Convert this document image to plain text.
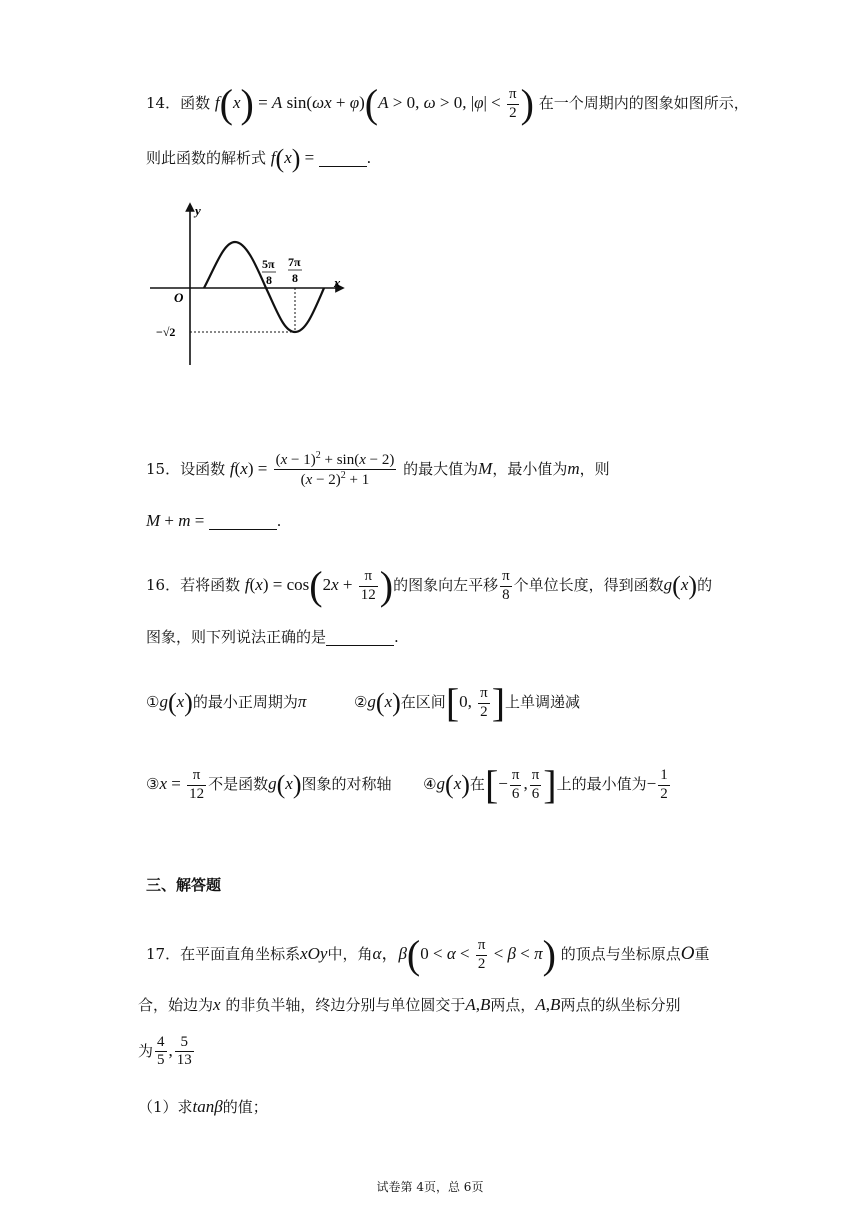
14．函数 f(x) = A sin(ωx + φ)(A > 0, ω > 0, $|\varphi| < \frac{\pi}{2}$ ) 在一个周期内的图象如图所示，
则此函数的解析式 f(x) =	.
y
x
O
5π
8
7π
8
−√2
15．设函数 $f(x) = \frac{(x - 1)^2 + \sin(x - 2)}{(x - 2)^2 + 1}$ 的最大值为M，最小值为m，则
M + m =	.
16．若将函数 $f(x) = \cos(2x + \frac{\pi}{12}$ )的图象向左平移 $\frac{\pi}{8}$ 个单位长度，得到函数g(x)的
图象，则下列说法正确的是	.
①g(x)的最小正周期为π	②g(x)在区间[0, $\frac{\pi}{2}$ ]上单调递减
③x = $\frac{\pi}{12}$ 不是函数g(x)图象的对称轴 ④g(x)在[− $\frac{\pi}{6}$ , $\frac{\pi}{6}$ ]上的最小值为− $\frac{1}{2}$
三、解答题
17．在平面直角坐标系xOy中，角α，$\beta(0 < \alpha < \frac{\pi}{2} < \beta < \pi)$ 的顶点与坐标原点O重
合，始边为x 的非负半轴，终边分别与单位圆交于A,B两点，A,B两点的纵坐标分别
为 $\frac{4}{5}$ , $\frac{5}{13}$
（1）求tanβ的值；
试卷第 4页，总 6页
